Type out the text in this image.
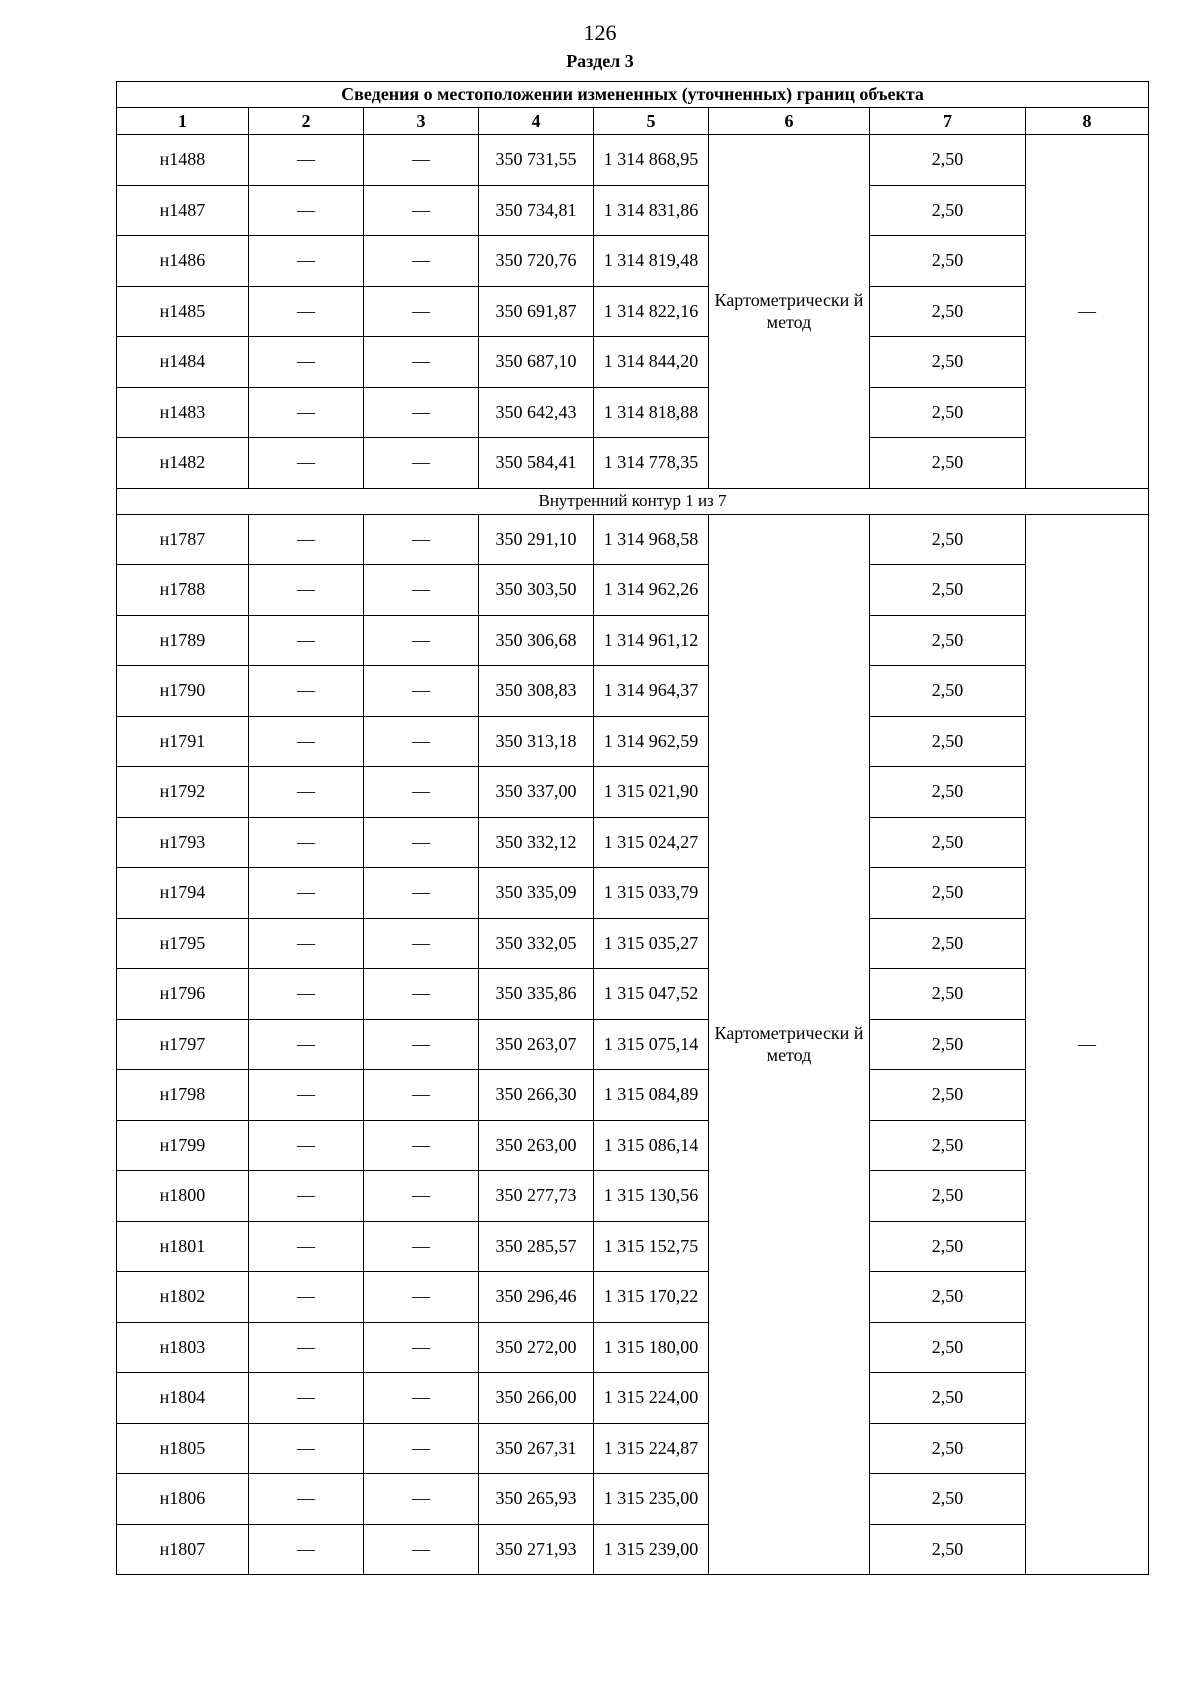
126
Раздел 3
Сведения о местоположении измененных (уточненных) границ объекта							
1	2	3	4	5	6	7	8
н1488	—	—	350 731,55	1 314 868,95	Картометрически й метод	2,50	—
н1487	—	—	350 734,81	1 314 831,86		2,50	
н1486	—	—	350 720,76	1 314 819,48		2,50	
н1485	—	—	350 691,87	1 314 822,16		2,50	
н1484	—	—	350 687,10	1 314 844,20		2,50	
н1483	—	—	350 642,43	1 314 818,88		2,50	
н1482	—	—	350 584,41	1 314 778,35		2,50	
Внутренний контур 1 из 7							
н1787	—	—	350 291,10	1 314 968,58	Картометрически й метод	2,50	—
н1788	—	—	350 303,50	1 314 962,26		2,50	
н1789	—	—	350 306,68	1 314 961,12		2,50	
н1790	—	—	350 308,83	1 314 964,37		2,50	
н1791	—	—	350 313,18	1 314 962,59		2,50	
н1792	—	—	350 337,00	1 315 021,90		2,50	
н1793	—	—	350 332,12	1 315 024,27		2,50	
н1794	—	—	350 335,09	1 315 033,79		2,50	
н1795	—	—	350 332,05	1 315 035,27		2,50	
н1796	—	—	350 335,86	1 315 047,52		2,50	
н1797	—	—	350 263,07	1 315 075,14		2,50	
н1798	—	—	350 266,30	1 315 084,89		2,50	
н1799	—	—	350 263,00	1 315 086,14		2,50	
н1800	—	—	350 277,73	1 315 130,56		2,50	
н1801	—	—	350 285,57	1 315 152,75		2,50	
н1802	—	—	350 296,46	1 315 170,22		2,50	
н1803	—	—	350 272,00	1 315 180,00		2,50	
н1804	—	—	350 266,00	1 315 224,00		2,50	
н1805	—	—	350 267,31	1 315 224,87		2,50	
н1806	—	—	350 265,93	1 315 235,00		2,50	
н1807	—	—	350 271,93	1 315 239,00		2,50	
